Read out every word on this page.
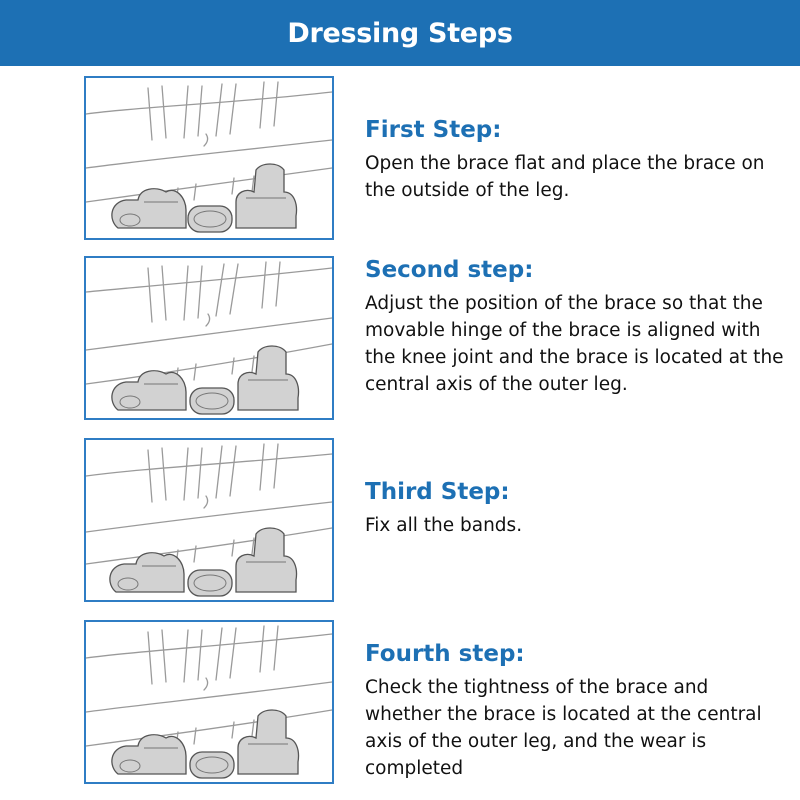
Dressing Steps
First Step:

Open the brace flat and place the brace on the outside of the leg.

Second step:

Adjust the position of the brace so that the movable hinge of the brace is aligned with the knee joint and the brace is located at the central axis of the outer leg.

Third Step:

Fix all the bands.

Fourth step:

Check the tightness of the brace and whether the brace is located at the central axis of the outer leg, and the wear is completed
